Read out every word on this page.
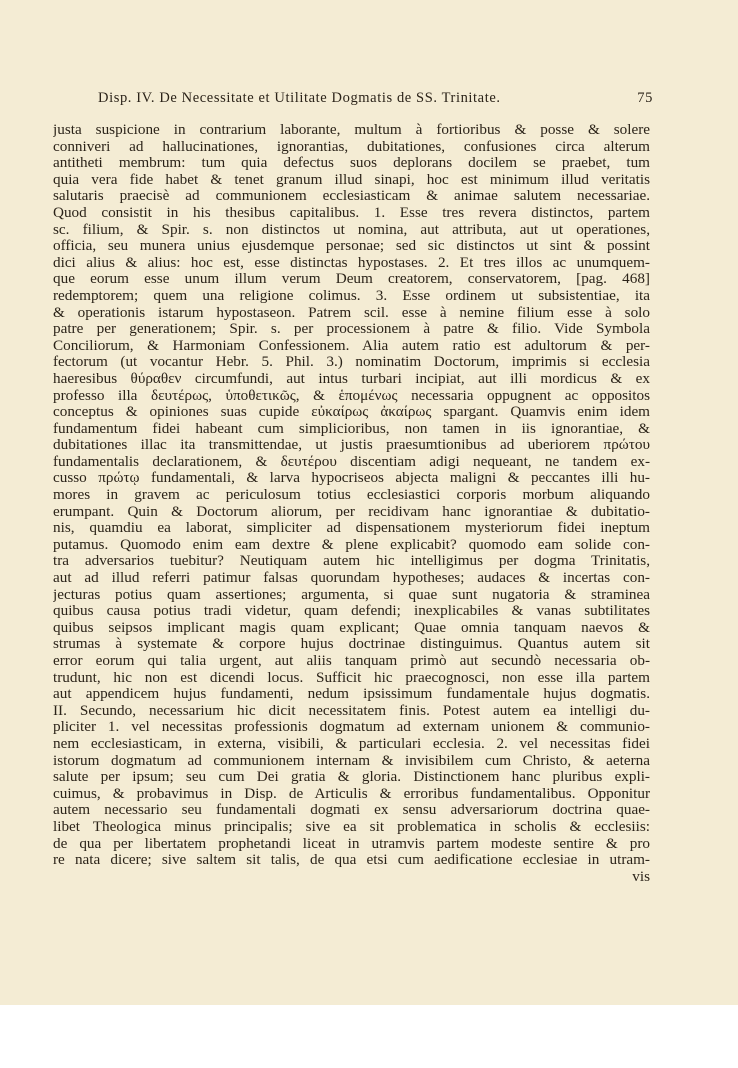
Disp. IV. De Necessitate et Utilitate Dogmatis de SS. Trinitate.	75
justa suspicione in contrarium laborante, multum à fortioribus & posse & solere
conniveri ad hallucinationes, ignorantias, dubitationes, confusiones circa alterum
antitheti membrum: tum quia defectus suos deplorans docilem se praebet, tum
quia vera fide habet & tenet granum illud sinapi, hoc est minimum illud veritatis
salutaris praecisè ad communionem ecclesiasticam & animae salutem necessariae.
Quod consistit in his thesibus capitalibus. 1. Esse tres revera distinctos, partem
sc. filium, & Spir. s. non distinctos ut nomina, aut attributa, aut ut operationes,
officia, seu munera unius ejusdemque personae; sed sic distinctos ut sint & possint
dici alius & alius: hoc est, esse distinctas hypostases. 2. Et tres illos ac unumquem-
que eorum esse unum illum verum Deum creatorem, conservatorem, [pag. 468]
redemptorem; quem una religione colimus. 3. Esse ordinem ut subsistentiae, ita
& operationis istarum hypostaseon. Patrem scil. esse à nemine filium esse à solo
patre per generationem; Spir. s. per processionem à patre & filio. Vide Symbola
Conciliorum, & Harmoniam Confessionem. Alia autem ratio est adultorum & per-
fectorum (ut vocantur Hebr. 5. Phil. 3.) nominatim Doctorum, imprimis si ecclesia
haeresibus θύραθεν circumfundi, aut intus turbari incipiat, aut illi mordicus & ex
professo illa δευτέρως, ὑποθετικῶς, & ἑπομένως necessaria oppugnent ac oppositos
conceptus & opiniones suas cupide εὐκαίρως ἀκαίρως spargant. Quamvis enim idem
fundamentum fidei habeant cum simplicioribus, non tamen in iis ignorantiae, &
dubitationes illac ita transmittendae, ut justis praesumtionibus ad uberiorem πρώτου
fundamentalis declarationem, & δευτέρου discentiam adigi nequeant, ne tandem ex-
cusso πρώτῳ fundamentali, & larva hypocriseos abjecta maligni & peccantes illi hu-
mores in gravem ac periculosum totius ecclesiastici corporis morbum aliquando
erumpant. Quin & Doctorum aliorum, per recidivam hanc ignorantiae & dubitatio-
nis, quamdiu ea laborat, simpliciter ad dispensationem mysteriorum fidei ineptum
putamus. Quomodo enim eam dextre & plene explicabit? quomodo eam solide con-
tra adversarios tuebitur? Neutiquam autem hic intelligimus per dogma Trinitatis,
aut ad illud referri patimur falsas quorundam hypotheses; audaces & incertas con-
jecturas potius quam assertiones; argumenta, si quae sunt nugatoria & straminea
quibus causa potius tradi videtur, quam defendi; inexplicabiles & vanas subtilitates
quibus seipsos implicant magis quam explicant; Quae omnia tanquam naevos &
strumas à systemate & corpore hujus doctrinae distinguimus. Quantus autem sit
error eorum qui talia urgent, aut aliis tanquam primò aut secundò necessaria ob-
trudunt, hic non est dicendi locus. Sufficit hic praecognosci, non esse illa partem
aut appendicem hujus fundamenti, nedum ipsissimum fundamentale hujus dogmatis.
II. Secundo, necessarium hic dicit necessitatem finis. Potest autem ea intelligi du-
pliciter 1. vel necessitas professionis dogmatum ad externam unionem & communio-
nem ecclesiasticam, in externa, visibili, & particulari ecclesia. 2. vel necessitas fidei
istorum dogmatum ad communionem internam & invisibilem cum Christo, & aeterna
salute per ipsum; seu cum Dei gratia & gloria. Distinctionem hanc pluribus expli-
cuimus, & probavimus in Disp. de Articulis & erroribus fundamentalibus. Opponitur
autem necessario seu fundamentali dogmati ex sensu adversariorum doctrina quae-
libet Theologica minus principalis; sive ea sit problematica in scholis & ecclesiis:
de qua per libertatem prophetandi liceat in utramvis partem modeste sentire & pro
re nata dicere; sive saltem sit talis, de qua etsi cum aedificatione ecclesiae in utram-
vis
